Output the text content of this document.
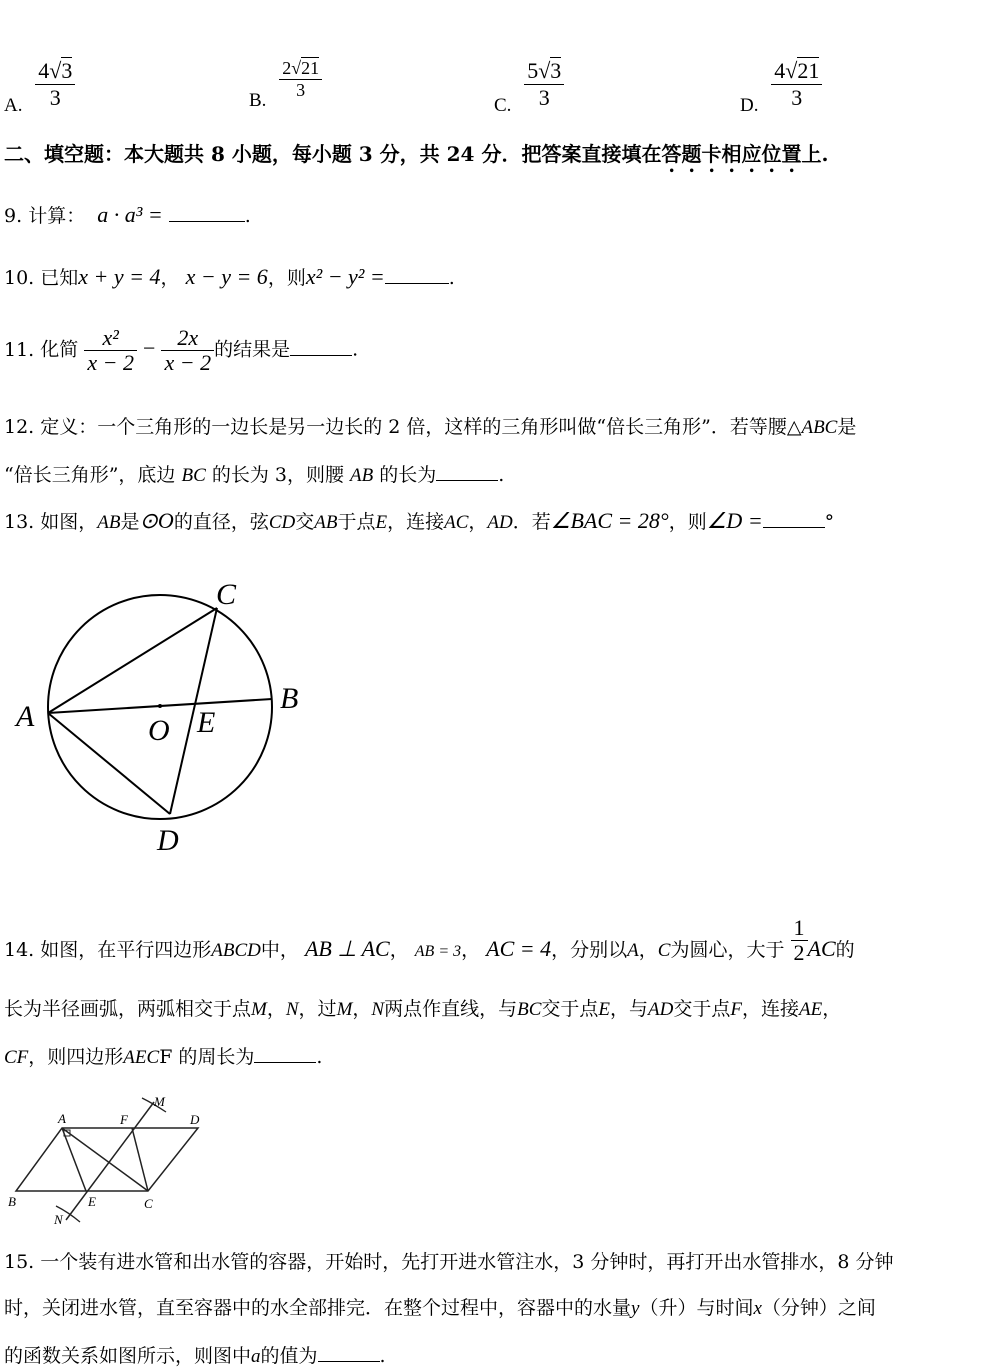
A. $\frac{4√3}{3}$	B. $\frac{2√21}{3}$
C. $\frac{5√3}{3}$	D. $\frac{4√21}{3}$
二、填空题：本大题共 8 小题，每小题 3 分，共 24 分．把答案直接填在答题卡相应位置上.
9. 计算： a · a³ =	.
10. 已知x + y = 4， x − y = 6，则x² − y² =	.
11. 化简 $\frac{\text{x²}}{x - 2} - \frac{2x}{x - 2}$ 的结果是	.
12. 定义：一个三角形的一边长是另一边长的 2 倍，这样的三角形叫做“倍长三角形”．若等腰△ABC是
“倍长三角形”，底边 BC 的长为 3，则腰 AB 的长为	.
13. 如图，AB是⊙O的直径，弦CD交AB于点E，连接AC，AD．若∠BAC = 28°，则∠D =	°
A
B
C
D
O E
14. 如图，在平行四边形ABCD中， AB ⊥ AC， $_{AB = 3}$， AC = 4，分别以A，C为圆心，大于 $\frac{1}{2}$ AC的
长为半径画弧，两弧相交于点M，N，过M，N两点作直线，与BC交于点E，与AD交于点F，连接AE，
CF，则四边形AECF 的周长为	.
A	F
M
D
B	E	C
N
15. 一个装有进水管和出水管的容器，开始时，先打开进水管注水，3 分钟时，再打开出水管排水，8 分钟
时，关闭进水管，直至容器中的水全部排完．在整个过程中，容器中的水量y（升）与时间x（分钟）之间
的函数关系如图所示，则图中a的值为	.
